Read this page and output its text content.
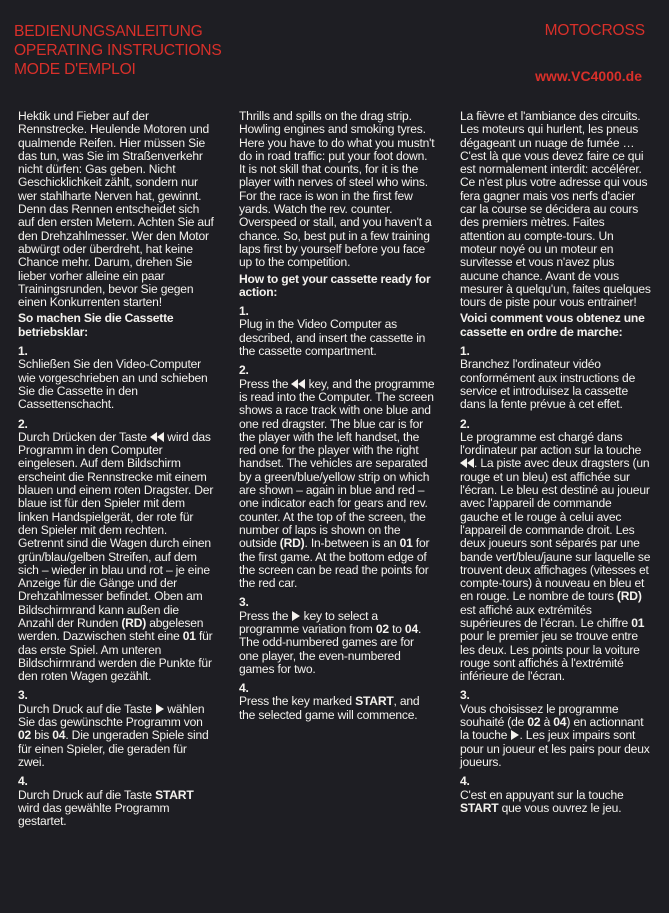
BEDIENUNGSANLEITUNG
OPERATING INSTRUCTIONS
MODE D'EMPLOI
MOTOCROSS
www.VC4000.de

Hektik und Fieber auf der Rennstrecke. Heulende Motoren und qualmende Reifen. Hier müssen Sie das tun, was Sie im Straßenverkehr nicht dürfen: Gas geben. Nicht Geschicklichkeit zählt, sondern nur wer stahlharte Nerven hat, gewinnt. Denn das Rennen entscheidet sich auf den ersten Metern. Achten Sie auf den Drehzahlmesser. Wer den Motor abwürgt oder überdreht, hat keine Chance mehr. Darum, drehen Sie lieber vorher alleine ein paar Trainingsrunden, bevor Sie gegen einen Konkurrenten starten!

So machen Sie die Cassette betriebsklar:

1.

Schließen Sie den Video-Computer wie vorgeschrieben an und schieben Sie die Cassette in den Cassettenschacht.

2.

Durch Drücken der Taste wird das Programm in den Computer eingelesen. Auf dem Bildschirm erscheint die Rennstrecke mit einem blauen und einem roten Dragster. Der blaue ist für den Spieler mit dem linken Handspielgerät, der rote für den Spieler mit dem rechten. Getrennt sind die Wagen durch einen grün/blau/gelben Streifen, auf dem sich – wieder in blau und rot – je eine Anzeige für die Gänge und der Drehzahlmesser befindet. Oben am Bildschirmrand kann außen die Anzahl der Runden (RD) abgelesen werden. Dazwischen steht eine 01 für das erste Spiel. Am unteren Bildschirmrand werden die Punkte für den roten Wagen gezählt.

3.

Durch Druck auf die Taste wählen Sie das gewünschte Programm von 02 bis 04. Die ungeraden Spiele sind für einen Spieler, die geraden für zwei.

4.

Durch Druck auf die Taste START wird das gewählte Programm gestartet.

Thrills and spills on the drag strip. Howling engines and smoking tyres. Here you have to do what you mustn't do in road traffic: put your foot down. It is not skill that counts, for it is the player with nerves of steel who wins. For the race is won in the first few yards. Watch the rev. counter. Overspeed or stall, and you haven't a chance. So, best put in a few training laps first by yourself before you face up to the competition.

How to get your cassette ready for action:

1.

Plug in the Video Computer as described, and insert the cassette in the cassette compartment.

2.

Press the key, and the programme is read into the Computer. The screen shows a race track with one blue and one red dragster. The blue car is for the player with the left handset, the red one for the player with the right handset. The vehicles are separated by a green/blue/yellow strip on which are shown – again in blue and red – one indicator each for gears and rev. counter. At the top of the screen, the number of laps is shown on the outside (RD). In-between is an 01 for the first game. At the bottom edge of the screen can be read the points for the red car.

3.

Press the key to select a programme variation from 02 to 04. The odd-numbered games are for one player, the even-numbered games for two.

4.

Press the key marked START, and the selected game will commence.

La fièvre et l'ambiance des circuits. Les moteurs qui hurlent, les pneus dégageant un nuage de fumée … C'est là que vous devez faire ce qui est normalement interdit: accélérer. Ce n'est plus votre adresse qui vous fera gagner mais vos nerfs d'acier car la course se décidera au cours des premiers mètres. Faites attention au compte-tours. Un moteur noyé ou un moteur en survitesse et vous n'avez plus aucune chance. Avant de vous mesurer à quelqu'un, faites quelques tours de piste pour vous entrainer!

Voici comment vous obtenez une cassette en ordre de marche:

1.

Branchez l'ordinateur vidéo conformément aux instructions de service et introduisez la cassette dans la fente prévue à cet effet.

2.

Le programme est chargé dans l'ordinateur par action sur la touche . La piste avec deux dragsters (un rouge et un bleu) est affichée sur l'écran. Le bleu est destiné au joueur avec l'appareil de commande gauche et le rouge à celui avec l'appareil de commande droit. Les deux joueurs sont séparés par une bande vert/bleu/jaune sur laquelle se trouvent deux affichages (vitesses et compte-tours) à nouveau en bleu et en rouge. Le nombre de tours (RD) est affiché aux extrémités supérieures de l'écran. Le chiffre 01 pour le premier jeu se trouve entre les deux. Les points pour la voiture rouge sont affichés à l'extrémité inférieure de l'écran.

3.

Vous choisissez le programme souhaité (de 02 à 04) en actionnant la touche . Les jeux impairs sont pour un joueur et les pairs pour deux joueurs.

4.

C'est en appuyant sur la touche START que vous ouvrez le jeu.
